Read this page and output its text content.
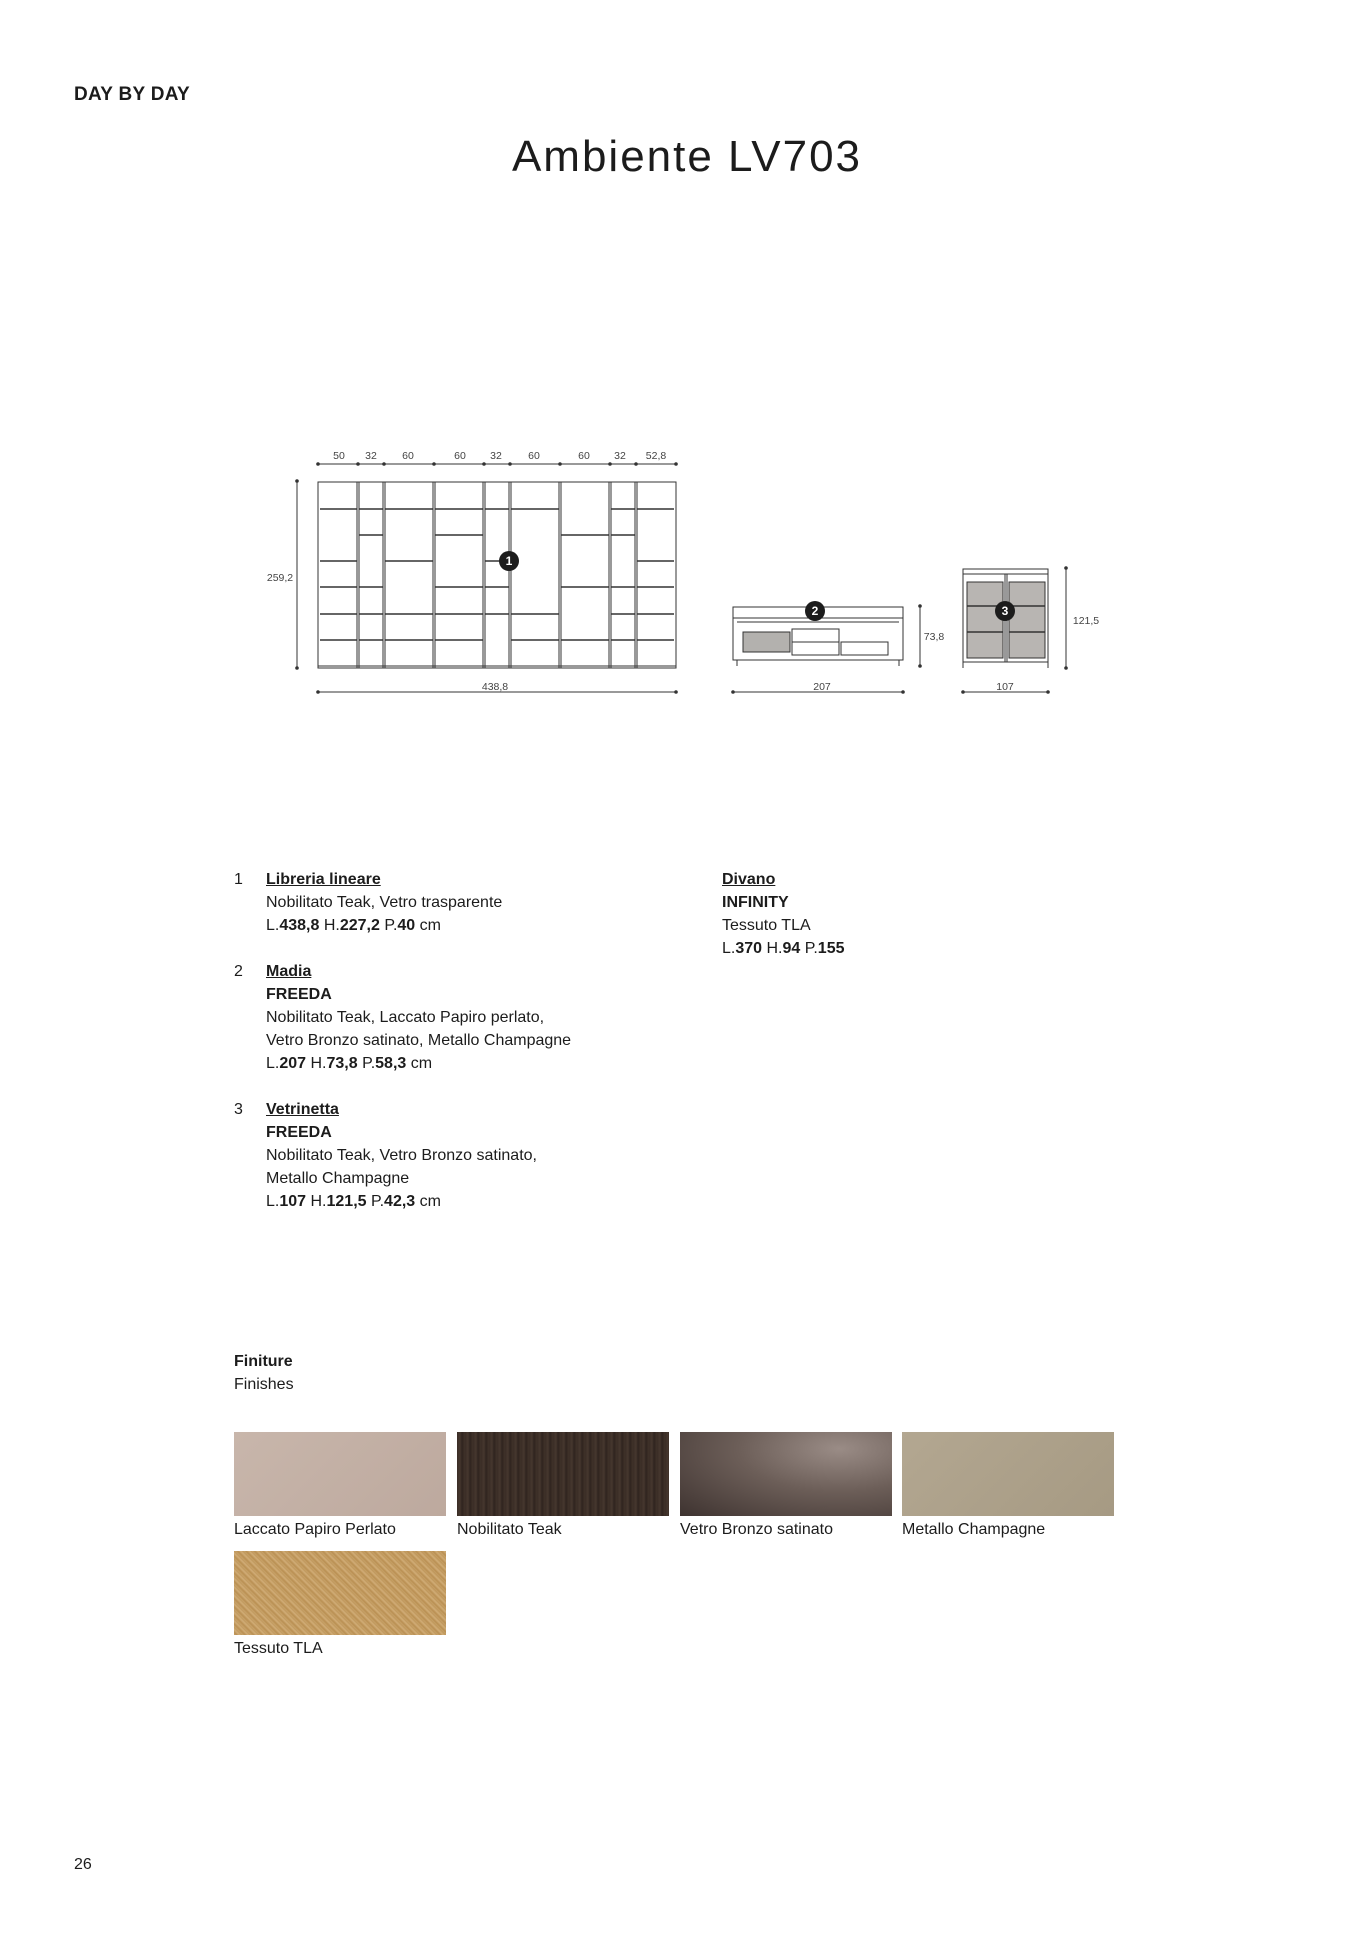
DAY BY DAY
Ambiente LV703
1
2	3
50 32 60	60 32	60	60 32 52,8
259,2
438,8	207
73,8
107
121,5
1 Libreria lineare
Nobilitato Teak, Vetro trasparente
L.438,8 H.227,2 P.40 cm
2 Madia
FREEDA
Nobilitato Teak, Laccato Papiro perlato,
Vetro Bronzo satinato, Metallo Champagne
L.207 H.73,8 P.58,3 cm
3 Vetrinetta
FREEDA
Nobilitato Teak, Vetro Bronzo satinato,
Metallo Champagne
L.107 H.121,5 P.42,3 cm
Divano
INFINITY
Tessuto TLA
L.370 H.94 P.155
Finiture
Finishes
Laccato Papiro Perlato	Nobilitato Teak	Vetro Bronzo satinato	Metallo Champagne
Tessuto TLA
26
